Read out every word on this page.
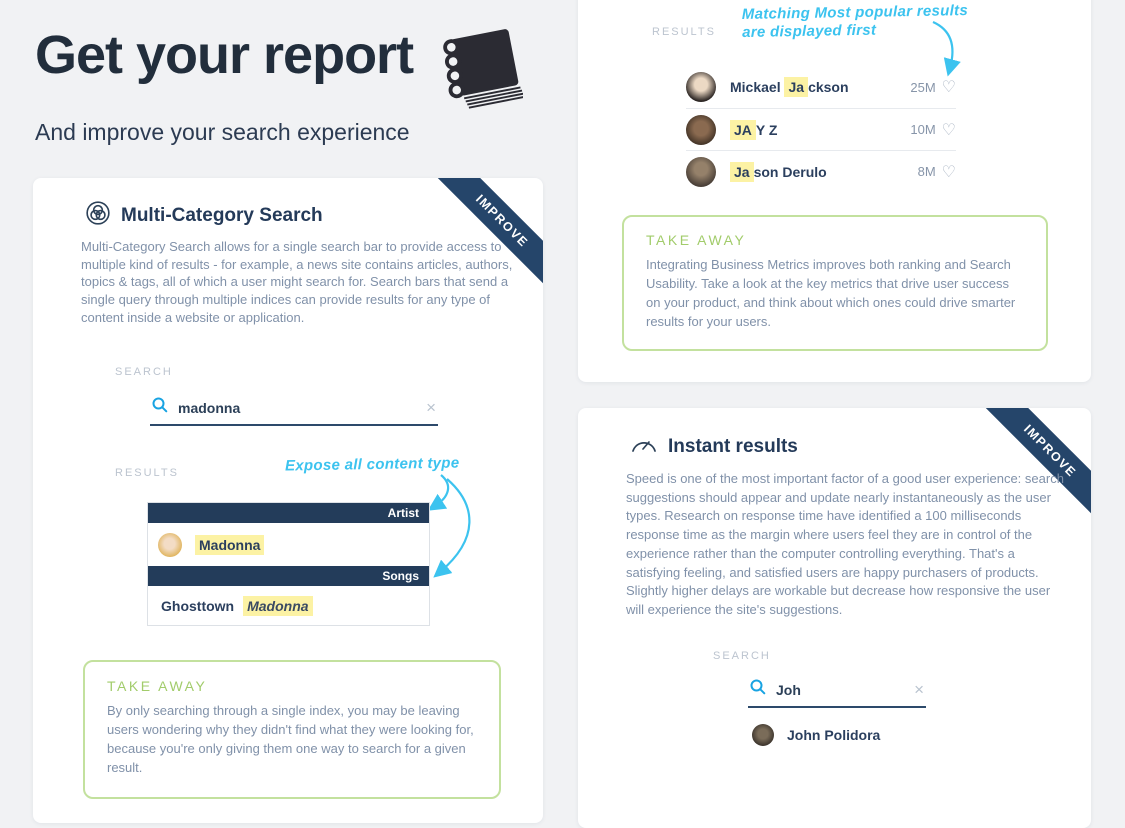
Get your report
And improve your search experience
RESULTS
Matching Most popular results
are displayed first
Mickael Ja ckson	25M ♡
JA Y Z	10M ♡
Ja son Derulo	8M ♡
TAKE AWAY
Integrating Business Metrics improves both ranking and Search Usability. Take a look at the key metrics that drive user success on your product, and think about which ones could drive smarter results for your users.
IMPROVE
Multi-Category Search
Multi-Category Search allows for a single search bar to provide access to multiple kind of results - for example, a news site contains articles, authors, topics & tags, all of which a user might search for. Search bars that send a single query through multiple indices can provide results for any type of content inside a website or application.
SEARCH
madonna	×
RESULTS	Expose all content type
Artist
Madonna
Songs
Ghosttown Madonna
TAKE AWAY
By only searching through a single index, you may be leaving users wondering why they didn't find what they were looking for, because you're only giving them one way to search for a given result.
IMPROVE
Instant results
Speed is one of the most important factor of a good user experience: search suggestions should appear and update nearly instantaneously as the user types. Research on response time have identified a 100 milliseconds response time as the margin where users feel they are in control of the experience rather than the computer controlling everything. That's a satisfying feeling, and satisfied users are happy purchasers of products. Slightly higher delays are workable but decrease how responsive the user will experience the site's suggestions.
SEARCH
Joh	×
John Polidora
